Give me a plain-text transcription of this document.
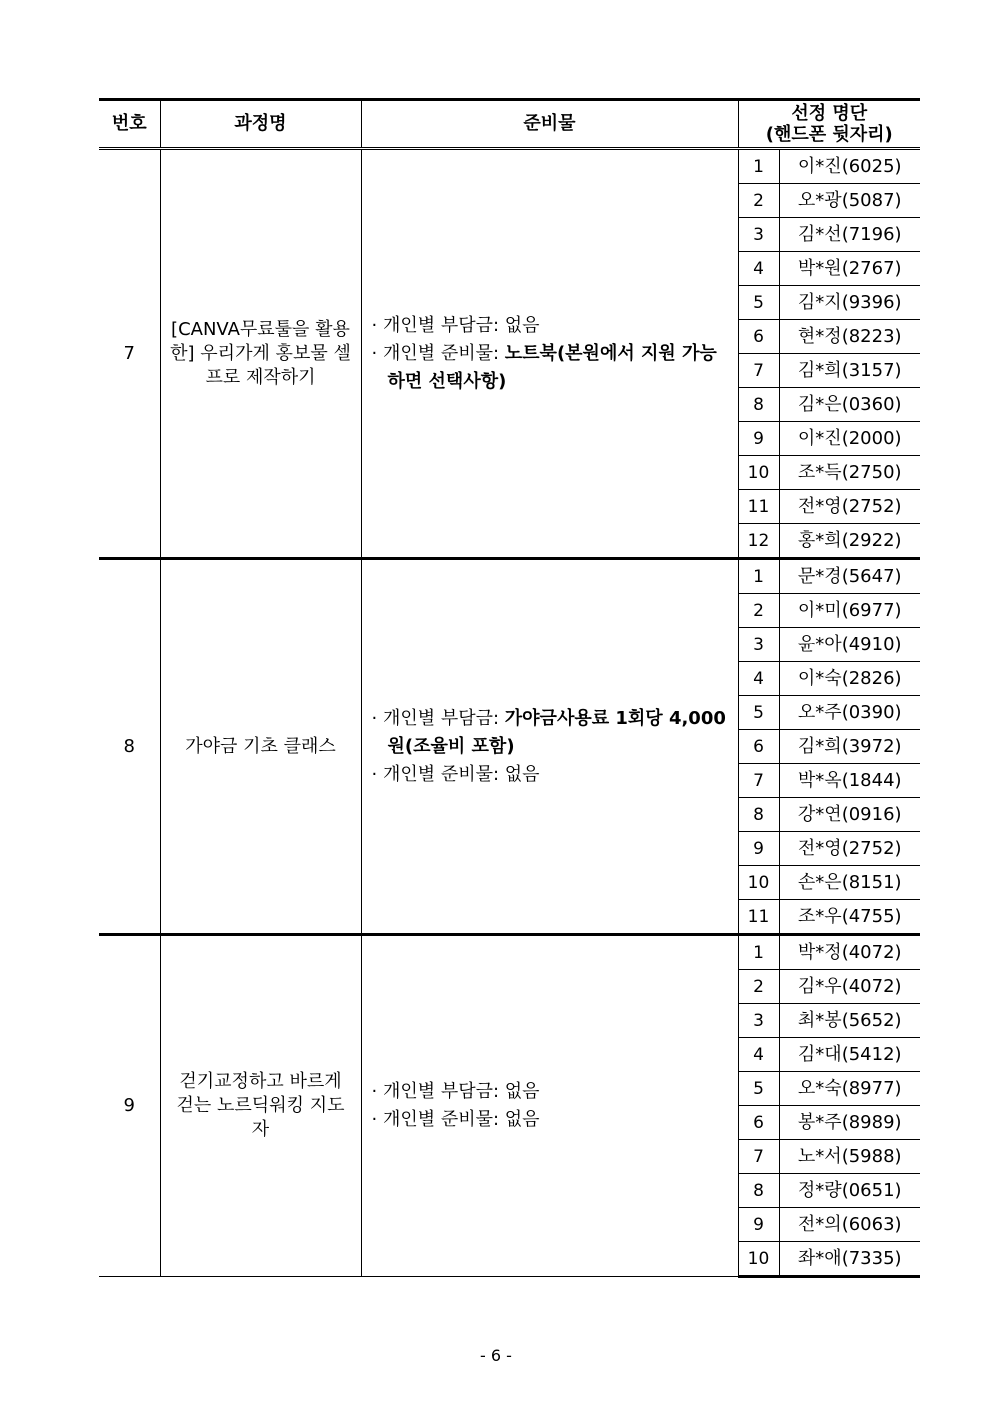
번호	과정명	준비물	선정 명단
(핸드폰 뒷자리)	

7	[CANVA무료툴을 활용한] 우리가게 홍보물 셀프로 제작하기	· 개인별 부담금: 없음
· 개인별 준비물: 노트북(본원에서 지원 가능하면 선택사항)	1	이*진(6025)
			2	오*광(5087)
			3	김*선(7196)
			4	박*원(2767)
			5	김*지(9396)
			6	현*정(8223)
			7	김*희(3157)
			8	김*은(0360)
			9	이*진(2000)
			10	조*득(2750)
			11	전*영(2752)
			12	홍*희(2922)
8	가야금 기초 클래스	· 개인별 부담금: 가야금사용료 1회당 4,000원(조율비 포함)
· 개인별 준비물: 없음	1	문*경(5647)
			2	이*미(6977)
			3	윤*아(4910)
			4	이*숙(2826)
			5	오*주(0390)
			6	김*희(3972)
			7	박*옥(1844)
			8	강*연(0916)
			9	전*영(2752)
			10	손*은(8151)
			11	조*우(4755)
9	걷기교정하고 바르게 걷는 노르딕워킹 지도자	· 개인별 부담금: 없음
· 개인별 준비물: 없음	1	박*정(4072)
			2	김*우(4072)
			3	최*봉(5652)
			4	김*대(5412)
			5	오*숙(8977)
			6	봉*주(8989)
			7	노*서(5988)
			8	정*량(0651)
			9	전*의(6063)
			10	좌*애(7335)
- 6 -
